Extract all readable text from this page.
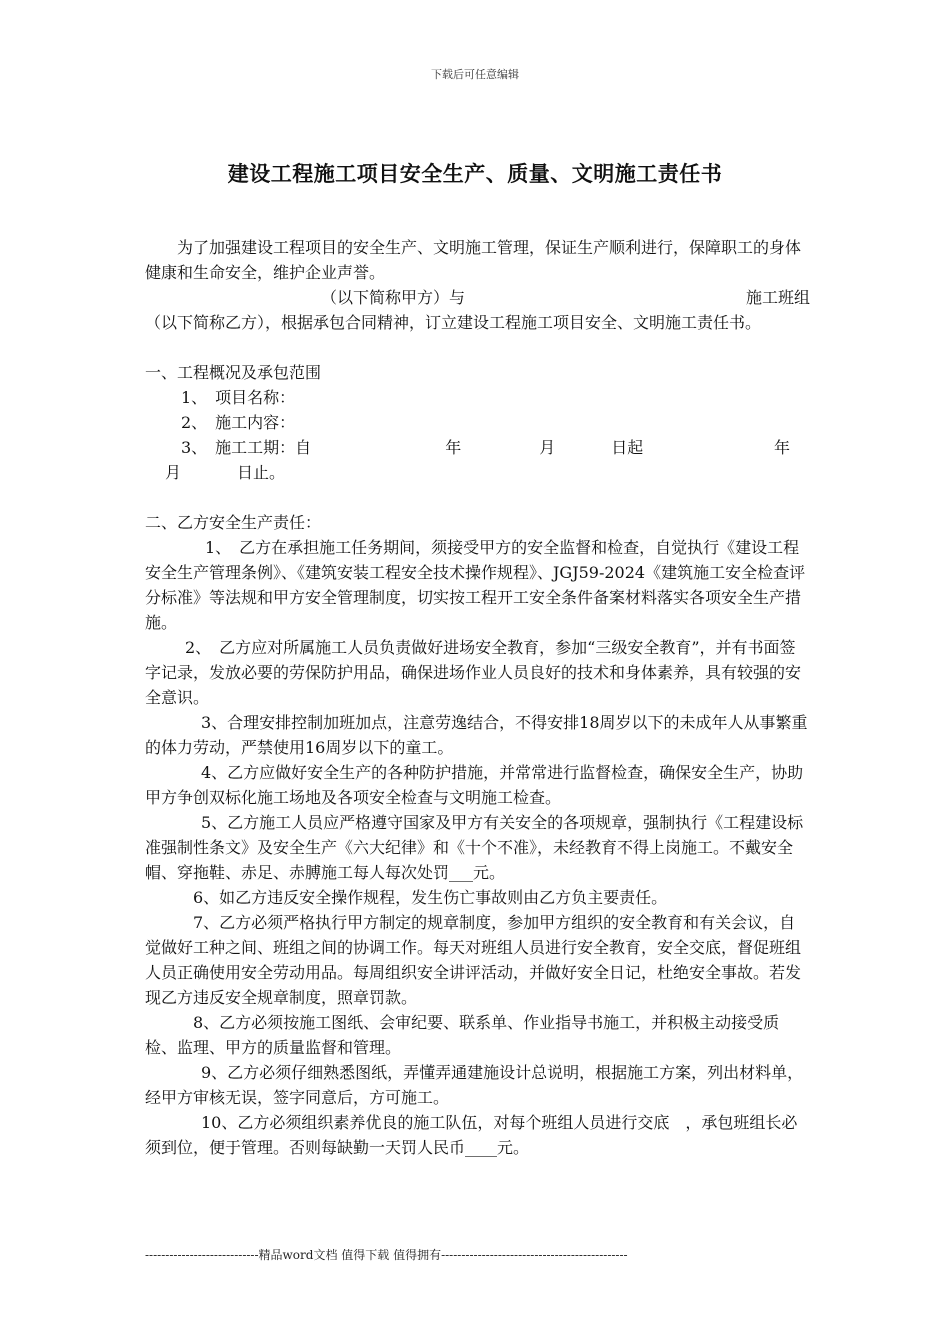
下载后可任意编辑
建设工程施工项目安全生产、质量、文明施工责任书

为了加强建设工程项目的安全生产、文明施工管理，保证生产顺利进行，保障职工的身体健康和生命安全，维护企业声誉。

（以下简称甲方）与	施工班组

（以下简称乙方），根据承包合同精神，订立建设工程施工项目安全、文明施工责任书。

一、工程概况及承包范围

1、　项目名称：

2、　施工内容：

3、　施工工期：自	年	月	日起	年
月	日止。

二、乙方安全生产责任：

1、　乙方在承担施工任务期间，须接受甲方的安全监督和检查，自觉执行《建设工程安全生产管理条例》、《建筑安装工程安全技术操作规程》、JGJ59-2024《建筑施工安全检查评分标准》等法规和甲方安全管理制度，切实按工程开工安全条件备案材料落实各项安全生产措施。

2、　乙方应对所属施工人员负责做好进场安全教育，参加“三级安全教育”，并有书面签字记录，发放必要的劳保防护用品，确保进场作业人员良好的技术和身体素养，具有较强的安全意识。

3、合理安排控制加班加点，注意劳逸结合，不得安排18周岁以下的未成年人从事繁重的体力劳动，严禁使用16周岁以下的童工。

4、乙方应做好安全生产的各种防护措施，并常常进行监督检查，确保安全生产，协助甲方争创双标化施工场地及各项安全检查与文明施工检查。

5、乙方施工人员应严格遵守国家及甲方有关安全的各项规章，强制执行《工程建设标准强制性条文》及安全生产《六大纪律》和《十个不准》，未经教育不得上岗施工。不戴安全帽、穿拖鞋、赤足、赤膊施工每人每次处罚___元。

6、如乙方违反安全操作规程，发生伤亡事故则由乙方负主要责任。

7、乙方必须严格执行甲方制定的规章制度，参加甲方组织的安全教育和有关会议，自觉做好工种之间、班组之间的协调工作。每天对班组人员进行安全教育，安全交底，督促班组人员正确使用安全劳动用品。每周组织安全讲评活动，并做好安全日记，杜绝安全事故。若发现乙方违反安全规章制度，照章罚款。

8、乙方必须按施工图纸、会审纪要、联系单、作业指导书施工，并积极主动接受质检、监理、甲方的质量监督和管理。

9、乙方必须仔细熟悉图纸，弄懂弄通建施设计总说明，根据施工方案，列出材料单，经甲方审核无误，签字同意后，方可施工。

10、乙方必须组织素养优良的施工队伍，对每个班组人员进行交底　，承包班组长必须到位，便于管理。否则每缺勤一天罚人民币____元。

----------------------------精品word文档 值得下载 值得拥有----------------------------------------------
